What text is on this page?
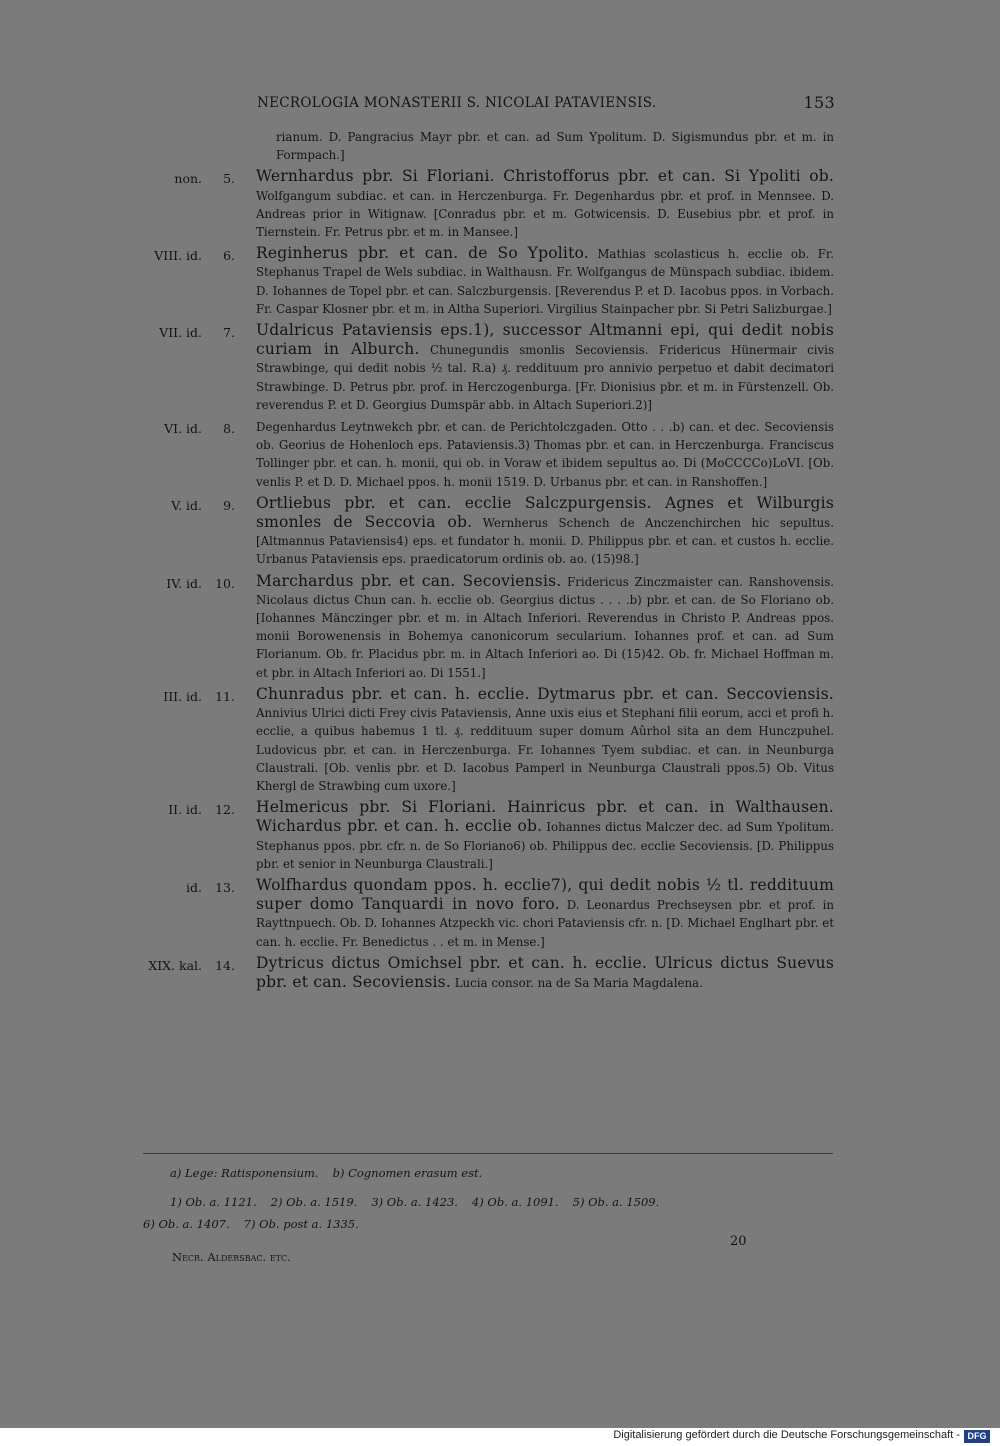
NECROLOGIA MONASTERII S. NICOLAI PATAVIENSIS.	153
rianum. D. Pangracius Mayr pbr. et can. ad Sum Ypolitum. D. Sigismundus pbr. et m. in Formpach.]
non. 5. Wernhardus pbr. Si Floriani. Christofforus pbr. et can. Si Ypoliti ob. Wolfgangum subdiac. et can. in Herczenburga. Fr. Degenhardus pbr. et prof. in Mennsee. D. Andreas prior in Witignaw. [Conradus pbr. et m. Gotwicensis. D. Eusebius pbr. et prof. in Tiernstein. Fr. Petrus pbr. et m. in Mansee.]
VIII. id. 6. Reginherus pbr. et can. de So Ypolito. Mathias scolasticus h. ecclie ob. Fr. Stephanus Trapel de Wels subdiac. in Walthausn. Fr. Wolfgangus de Münspach subdiac. ibidem. D. Iohannes de Topel pbr. et can. Salczburgensis. [Reverendus P. et D. Iacobus ppos. in Vorbach. Fr. Caspar Klosner pbr. et m. in Altha Superiori. Virgilius Stainpacher pbr. Si Petri Salizburgae.]
VII. id. 7. Udalricus Pataviensis eps.1), successor Altmanni epi, qui dedit nobis curiam in Alburch. Chunegundis smonlis Secoviensis. Fridericus Hünermair civis Strawbinge, qui dedit nobis ½ tal. R.a) ₰. reddituum pro annivio perpetuo et dabit decimatori Strawbinge. D. Petrus pbr. prof. in Herczogenburga. [Fr. Dionisius pbr. et m. in Fürstenzell. Ob. reverendus P. et D. Georgius Dumspär abb. in Altach Superiori.2)]
VI. id. 8. Degenhardus Leytnwekch pbr. et can. de Perichtolczgaden. Otto . . .b) can. et dec. Secoviensis ob. Georius de Hohenloch eps. Pataviensis.3) Thomas pbr. et can. in Herczenburga. Franciscus Tollinger pbr. et can. h. monii, qui ob. in Voraw et ibidem sepultus ao. Di (MoCCCCo)LoVI. [Ob. venlis P. et D. D. Michael ppos. h. monii 1519. D. Urbanus pbr. et can. in Ranshoffen.]
V. id. 9. Ortliebus pbr. et can. ecclie Salczpurgensis. Agnes et Wilburgis smonles de Seccovia ob. Wernherus Schench de Anczenchirchen hic sepultus. [Altmannus Pataviensis4) eps. et fundator h. monii. D. Philippus pbr. et can. et custos h. ecclie. Urbanus Pataviensis eps. praedicatorum ordinis ob. ao. (15)98.]
IV. id. 10. Marchardus pbr. et can. Secoviensis. Fridericus Zinczmaister can. Ranshovensis. Nicolaus dictus Chun can. h. ecclie ob. Georgius dictus . . . .b) pbr. et can. de So Floriano ob. [Iohannes Mänczinger pbr. et m. in Altach Inferiori. Reverendus in Christo P. Andreas ppos. monii Borowenensis in Bohemya canonicorum secularium. Iohannes prof. et can. ad Sum Florianum. Ob. fr. Placidus pbr. m. in Altach Inferiori ao. Di (15)42. Ob. fr. Michael Hoffman m. et pbr. in Altach Inferiori ao. Di 1551.]
III. id. 11. Chunradus pbr. et can. h. ecclie. Dytmarus pbr. et can. Seccoviensis. Annivius Ulrici dicti Frey civis Pataviensis, Anne uxis eius et Stephani filii eorum, acci et profi h. ecclie, a quibus habemus 1 tl. ₰. reddituum super domum Aûrhol sita an dem Hunczpuhel. Ludovicus pbr. et can. in Herczenburga. Fr. Iohannes Tyem subdiac. et can. in Neunburga Claustrali. [Ob. venlis pbr. et D. Iacobus Pamperl in Neunburga Claustrali ppos.5) Ob. Vitus Khergl de Strawbing cum uxore.]
II. id. 12. Helmericus pbr. Si Floriani. Hainricus pbr. et can. in Walthausen. Wichardus pbr. et can. h. ecclie ob. Iohannes dictus Malczer dec. ad Sum Ypolitum. Stephanus ppos. pbr. cfr. n. de So Floriano6) ob. Philippus dec. ecclie Secoviensis. [D. Philippus pbr. et senior in Neunburga Claustrali.]
id. 13. Wolfhardus quondam ppos. h. ecclie7), qui dedit nobis ½ tl. reddituum super domo Tanquardi in novo foro. D. Leonardus Prechseysen pbr. et prof. in Rayttnpuech. Ob. D. Iohannes Atzpeckh vic. chori Pataviensis cfr. n. [D. Michael Englhart pbr. et can. h. ecclie. Fr. Benedictus . . et m. in Mense.]
XIX. kal. 14. Dytricus dictus Omichsel pbr. et can. h. ecclie. Ulricus dictus Suevus pbr. et can. Secoviensis. Lucia consor. na de Sa Maria Magdalena.
a) Lege: Ratisponensium. b) Cognomen erasum est.
1) Ob. a. 1121. 2) Ob. a. 1519. 3) Ob. a. 1423. 4) Ob. a. 1091. 5) Ob. a. 1509.
6) Ob. a. 1407. 7) Ob. post a. 1335.
20
Necr. Aldersbac. etc.
Digitalisierung gefördert durch die Deutsche Forschungsgemeinschaft - DFG
